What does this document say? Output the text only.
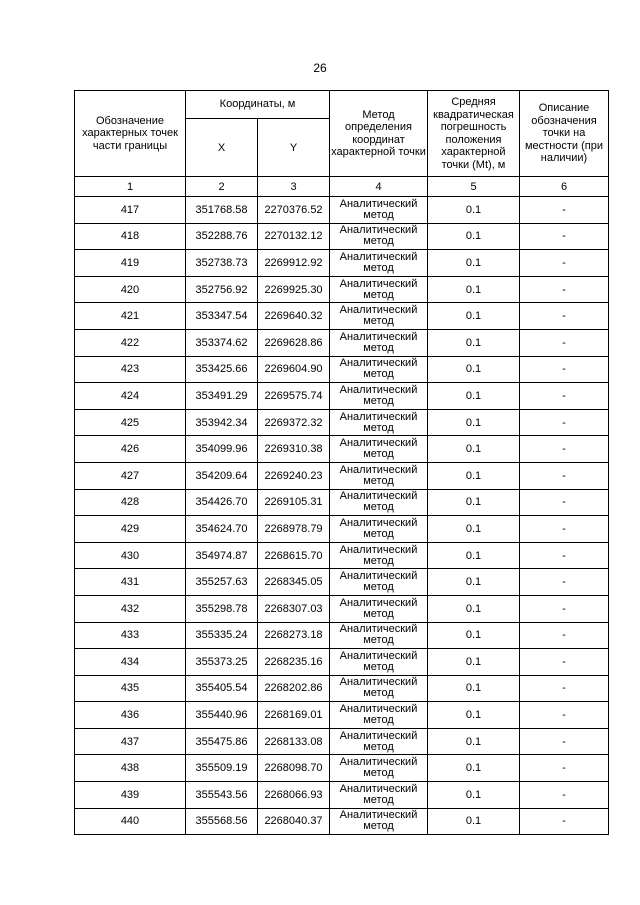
26
Обозначение характерных точек части границы	Координаты, м		Метод определения координат характерной точки	Средняя квадратическая погрешность положения характерной точки (Mt), м	Описание обозначения точки на местности (при наличии)
	X	Y			
1	2	3	4	5	6
417	351768.58	2270376.52	Аналитический метод	0.1	-
418	352288.76	2270132.12	Аналитический метод	0.1	-
419	352738.73	2269912.92	Аналитический метод	0.1	-
420	352756.92	2269925.30	Аналитический метод	0.1	-
421	353347.54	2269640.32	Аналитический метод	0.1	-
422	353374.62	2269628.86	Аналитический метод	0.1	-
423	353425.66	2269604.90	Аналитический метод	0.1	-
424	353491.29	2269575.74	Аналитический метод	0.1	-
425	353942.34	2269372.32	Аналитический метод	0.1	-
426	354099.96	2269310.38	Аналитический метод	0.1	-
427	354209.64	2269240.23	Аналитический метод	0.1	-
428	354426.70	2269105.31	Аналитический метод	0.1	-
429	354624.70	2268978.79	Аналитический метод	0.1	-
430	354974.87	2268615.70	Аналитический метод	0.1	-
431	355257.63	2268345.05	Аналитический метод	0.1	-
432	355298.78	2268307.03	Аналитический метод	0.1	-
433	355335.24	2268273.18	Аналитический метод	0.1	-
434	355373.25	2268235.16	Аналитический метод	0.1	-
435	355405.54	2268202.86	Аналитический метод	0.1	-
436	355440.96	2268169.01	Аналитический метод	0.1	-
437	355475.86	2268133.08	Аналитический метод	0.1	-
438	355509.19	2268098.70	Аналитический метод	0.1	-
439	355543.56	2268066.93	Аналитический метод	0.1	-
440	355568.56	2268040.37	Аналитический метод	0.1	-
